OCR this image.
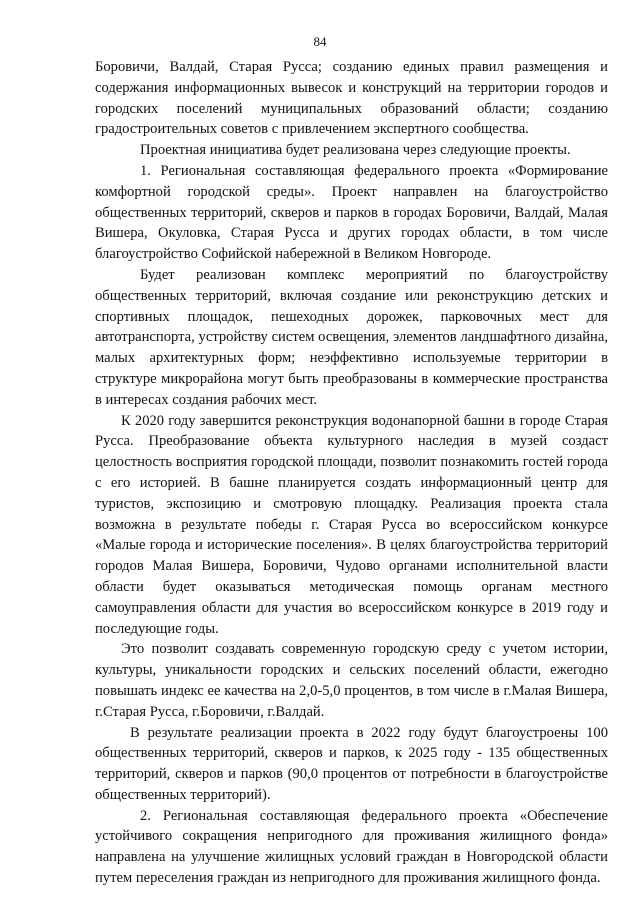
84

Боровичи, Валдай, Старая Русса; созданию единых правил размещения и содержания информационных вывесок и конструкций на территории городов и городских поселений муниципальных образований области; созданию градостроительных советов с привлечением экспертного сообщества.

Проектная инициатива будет реализована через следующие проекты.

1. Региональная составляющая федерального проекта «Формирование комфортной городской среды». Проект направлен на благоустройство общественных территорий, скверов и парков в городах Боровичи, Валдай, Малая Вишера, Окуловка, Старая Русса и других городах области, в том числе благоустройство Софийской набережной в Великом Новгороде.

Будет реализован комплекс мероприятий по благоустройству общественных территорий, включая создание или реконструкцию детских и спортивных площадок, пешеходных дорожек, парковочных мест для автотранспорта, устройству систем освещения, элементов ландшафтного дизайна, малых архитектурных форм; неэффективно используемые территории в структуре микрорайона могут быть преобразованы в коммерческие пространства в интересах создания рабочих мест.

К 2020 году завершится реконструкция водонапорной башни в городе Старая Русса. Преобразование объекта культурного наследия в музей создаст целостность восприятия городской площади, позволит познакомить гостей города с его историей. В башне планируется создать информационный центр для туристов, экспозицию и смотровую площадку. Реализация проекта стала возможна в результате победы г. Старая Русса во всероссийском конкурсе «Малые города и исторические поселения». В целях благоустройства территорий городов Малая Вишера, Боровичи, Чудово органами исполнительной власти области будет оказываться методическая помощь органам местного самоуправления области для участия во всероссийском конкурсе в 2019 году и последующие годы.

Это позволит создавать современную городскую среду с учетом истории, культуры, уникальности городских и сельских поселений области, ежегодно повышать индекс ее качества на 2,0-5,0 процентов, в том числе в г.Малая Вишера, г.Старая Русса, г.Боровичи, г.Валдай.

В результате реализации проекта в 2022 году будут благоустроены 100 общественных территорий, скверов и парков, к 2025 году - 135 общественных территорий, скверов и парков (90,0 процентов от потребности в благоустройстве общественных территорий).

2. Региональная составляющая федерального проекта «Обеспечение устойчивого сокращения непригодного для проживания жилищного фонда» направлена на улучшение жилищных условий граждан в Новгородской области путем переселения граждан из непригодного для проживания жилищного фонда.
